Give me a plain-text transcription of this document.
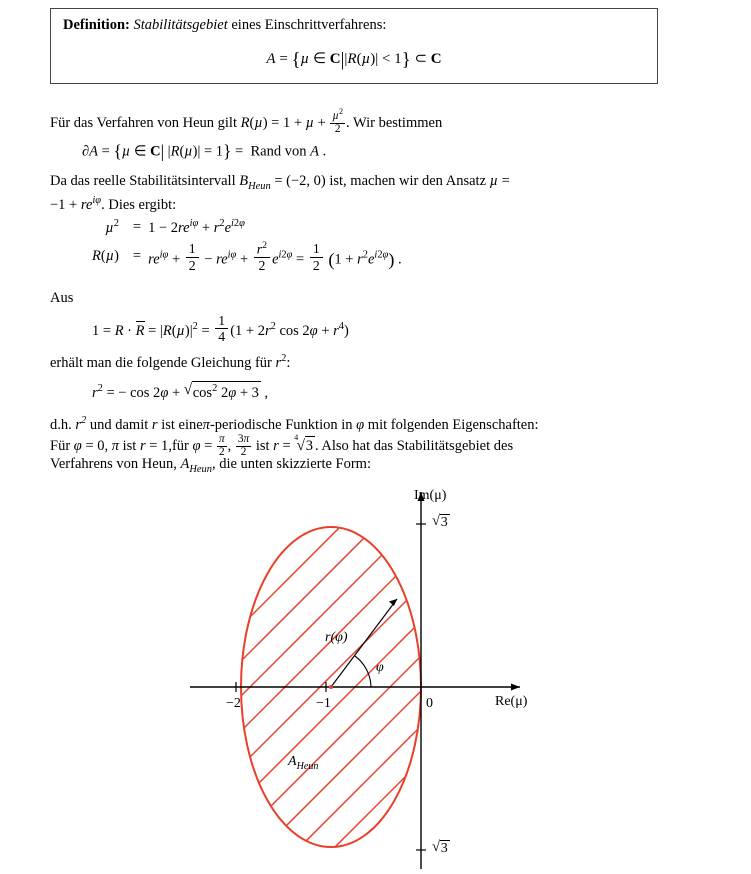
Definition: Stabilitätsgebiet eines Einschrittverfahrens:
A = {µ ∈ C||R(µ)| < 1} ⊂ C
Für das Verfahren von Heun gilt $R(\mu) = 1 + \mu + \frac{\mu^2}{2}$ . Wir bestimmen
∂A = {µ ∈ C| |R(µ)| = 1} =  Rand von A .
Da das reelle Stabilitätsintervall $B_{Heun} = (-2$, 0) ist, machen wir den Ansatz µ =
$-1 + re^{i\varphi}$. Dies ergibt:
µ$^2$	=	$1 - 2re^{i\varphi} + r^2e^{i2\varphi}$
R(µ)	=	$re^{i\varphi} + \frac{1}{2} - re^{i\varphi} + \frac{r^2}{2} e^{i2\varphi} = \frac{1}{2} (1 + r^2e^{i2\varphi})$ .
Aus
$1 = R \cdot R = |R(\mu)|^2 = \frac{1}{4} (1 + 2r^2$ $\cos 2\varphi + r^4$)
erhält man die folgende Gleichung für $r^2$:
$r^2$ = − cos 2φ + √ $\cos^2 2\varphi + 3$ ,
d.h. $r^2$ und damit r ist eineπ-periodische Funktion in φ mit folgenden Eigenschaften:
Für φ = 0, π ist r = 1,für $\varphi = \frac{\pi}{2}$ , $\frac{3\pi}{2}$ ist r =
√ 4
3 . Also hat das Stabilitätsgebiet des
Verfahrens von Heun, $A_{Heun}$, die unten skizzierte Form:
Im(μ)
√ 3
√ 3
Re(μ)
−2	−1	0
r(φ)
φ
$A_{Heun}$
